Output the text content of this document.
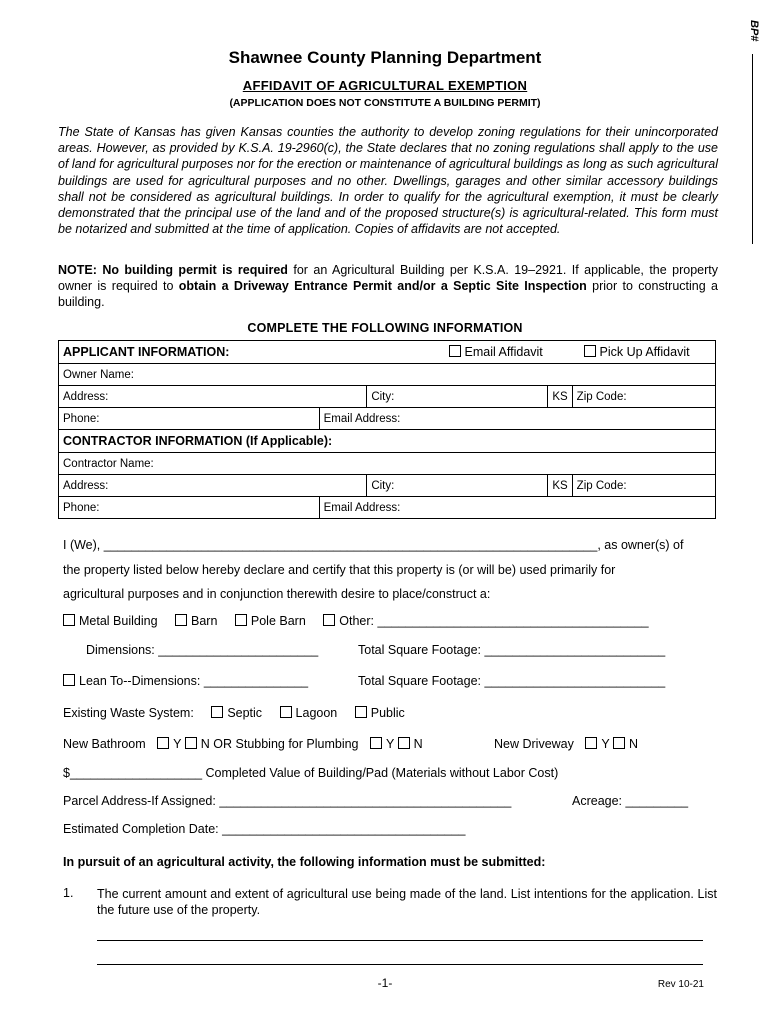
BP#
Shawnee County Planning Department
AFFIDAVIT OF AGRICULTURAL EXEMPTION
(APPLICATION DOES NOT CONSTITUTE A BUILDING PERMIT)
The State of Kansas has given Kansas counties the authority to develop zoning regulations for their unincorporated areas. However, as provided by K.S.A. 19-2960(c), the State declares that no zoning regulations shall apply to the use of land for agricultural purposes nor for the erection or maintenance of agricultural buildings as long as such agricultural buildings are used for agricultural purposes and no other. Dwellings, garages and other similar accessory buildings shall not be considered as agricultural buildings. In order to qualify for the agricultural exemption, it must be clearly demonstrated that the principal use of the land and of the proposed structure(s) is agricultural-related. This form must be notarized and submitted at the time of application. Copies of affidavits are not accepted.
NOTE: No building permit is required for an Agricultural Building per K.S.A. 19–2921. If applicable, the property owner is required to obtain a Driveway Entrance Permit and/or a Septic Site Inspection prior to constructing a building.
COMPLETE THE FOLLOWING INFORMATION
APPLICANT INFORMATION: Email Affidavit Pick Up Affidavit				

Owner Name:				
Address:		City:	KS	Zip Code:
Phone:	Email Address:			
CONTRACTOR INFORMATION (If Applicable):				
Contractor Name:				
Address:		City:	KS	Zip Code:
Phone:	Email Address:			
I (We), _______________________________________________________________________, as owner(s) of
the property listed below hereby declare and certify that this property is (or will be) used primarily for
agricultural purposes and in conjunction therewith desire to place/construct a:
Metal Building	Barn	Pole Barn	Other: _______________________________________
Dimensions: _______________________	Total Square Footage: __________________________
Lean To--Dimensions: _______________	Total Square Footage: __________________________
Existing Waste System:	Septic	Lagoon	Public
New Bathroom Y N OR Stubbing for Plumbing Y N	New Driveway Y N
$___________________ Completed Value of Building/Pad (Materials without Labor Cost)
Parcel Address-If Assigned: __________________________________________	Acreage: _________
Estimated Completion Date: ___________________________________
In pursuit of an agricultural activity, the following information must be submitted:
1. The current amount and extent of agricultural use being made of the land. List intentions for the application. List the future use of the property.
-1-	Rev 10-21
